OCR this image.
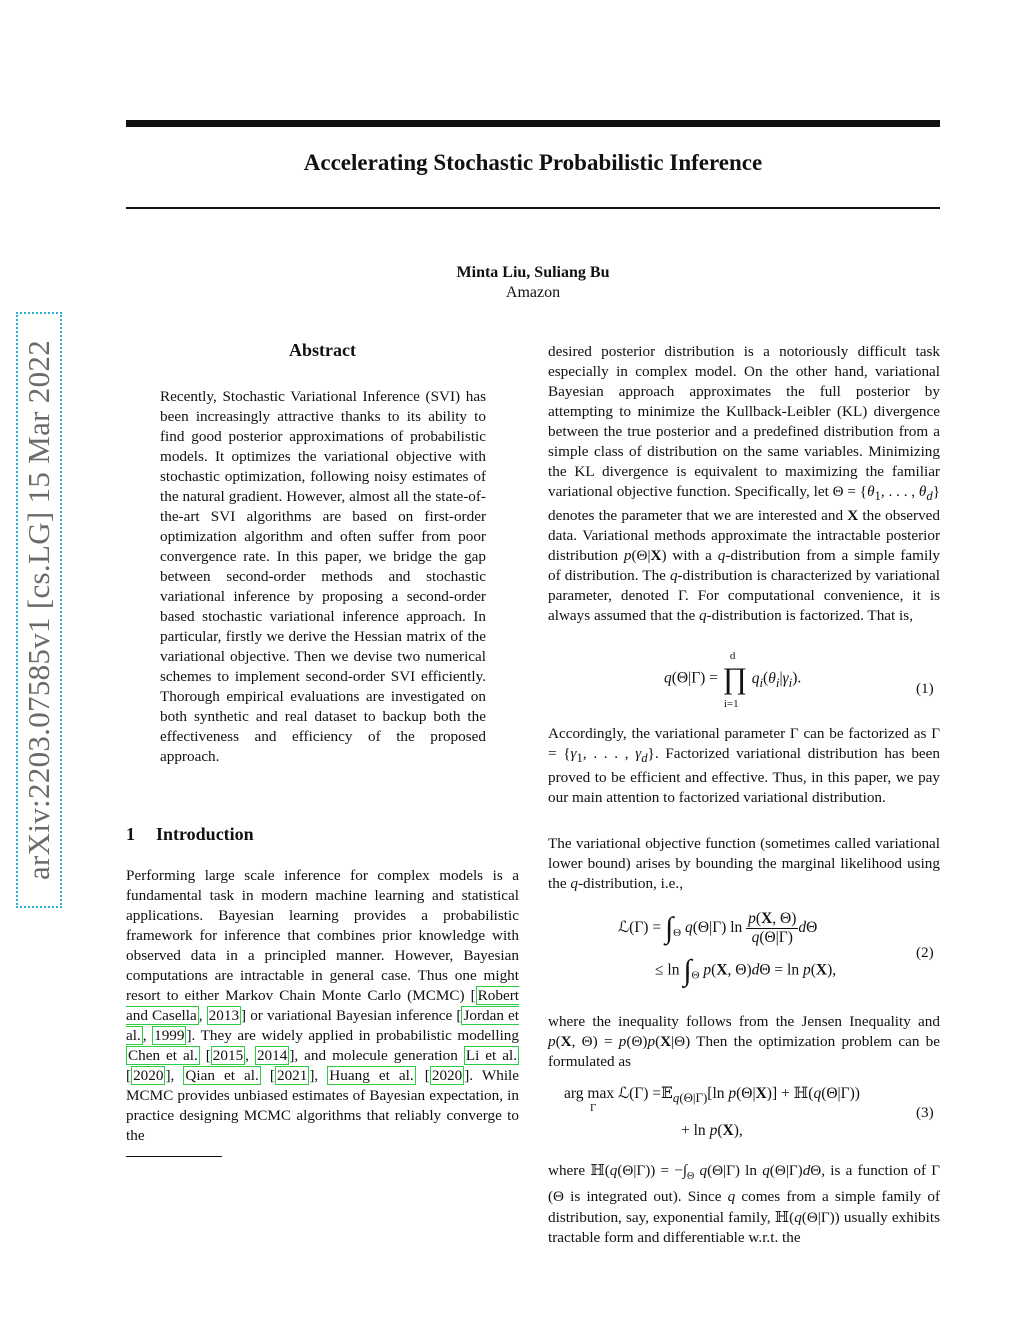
Accelerating Stochastic Probabilistic Inference
Minta Liu, Suliang Bu
Amazon
arXiv:2203.07585v1 [cs.LG] 15 Mar 2022	Abstract

Recently, Stochastic Variational Inference (SVI) has been increasingly attractive thanks to its ability to find good posterior approximations of probabilistic models. It optimizes the variational objective with stochastic optimization, following noisy estimates of the natural gradient. However, almost all the state-of-the-art SVI algorithms are based on first-order optimization algorithm and often suffer from poor convergence rate. In this paper, we bridge the gap between second-order methods and stochastic variational inference by proposing a second-order based stochastic variational inference approach. In particular, firstly we derive the Hessian matrix of the variational objective. Then we devise two numerical schemes to implement second-order SVI efficiently. Thorough empirical evaluations are investigated on both synthetic and real dataset to backup both the effectiveness and efficiency of the proposed approach.

1 Introduction

Performing large scale inference for complex models is a fundamental task in modern machine learning and statistical applications. Bayesian learning provides a probabilistic framework for inference that combines prior knowledge with observed data in a principled manner. However, Bayesian computations are intractable in general case. Thus one might resort to either Markov Chain Monte Carlo (MCMC) [ Robert and Casella , 2013 ] or variational Bayesian inference [ Jordan et al. , 1999 ]. They are widely applied in probabilistic modelling Chen et al. [ 2015 , 2014 ], and molecule generation Li et al. [ 2020 ], Qian et al. [ 2021 ], Huang et al. [ 2020 ]. While MCMC provides unbiased estimates of Bayesian expectation, in practice designing MCMC algorithms that reliably converge to the

desired posterior distribution is a notoriously difficult task especially in complex model. On the other hand, variational Bayesian approach approximates the full posterior by attempting to minimize the Kullback-Leibler (KL) divergence between the true posterior and a predefined distribution from a simple class of distribution on the same variables. Minimizing the KL divergence is equivalent to maximizing the familiar variational objective function. Specifically, let $\Theta = \{\theta_1$, . . . , $\theta_d$} denotes the parameter that we are interested and X the observed data. Variational methods approximate the intractable posterior distribution p(Θ|X) with a q-distribution from a simple family of distribution. The q-distribution is characterized by variational parameter, denoted Γ. For computational convenience, it is always assumed that the q-distribution is factorized. That is,

q(Θ|Γ) = ∏
d
i=1
$q_i(\theta_i|\gamma_i)$.
(1)

Accordingly, the variational parameter Γ can be factorized as $\Gamma = \{\gamma_1$, . . . , $\gamma_d$}. Factorized variational distribution has been proved to be efficient and effective. Thus, in this paper, we pay our main attention to factorized variational distribution.

The variational objective function (sometimes called variational lower bound) arises by bounding the marginal likelihood using the q-distribution, i.e.,

ℒ(Γ) = $\int_\Theta$ q(Θ|Γ) $\ln \frac{p(X, \Theta)}{q(\Theta|\Gamma)}$ dΘ
≤ $\ln \int_\Theta$ p(X, Θ)dΘ = ln p(X),
(2)

where the inequality follows from the Jensen Inequality and p(X, Θ) = p(Θ)p(X|Θ) Then the optimization problem can be formulated as

arg max
Γ
ℒ(Γ) =𝔼$_{q(\Theta|\Gamma)}$[ln p(Θ|X)] + ℍ(q(Θ|Γ))
+ ln p(X),
(3)

where ℍ(q(Θ|Γ)) = $-\int_\Theta$ q(Θ|Γ) ln q(Θ|Γ)dΘ, is a function of Γ (Θ is integrated out). Since q comes from a simple family of distribution, say, exponential family, ℍ(q(Θ|Γ)) usually exhibits tractable form and differentiable w.r.t. the
